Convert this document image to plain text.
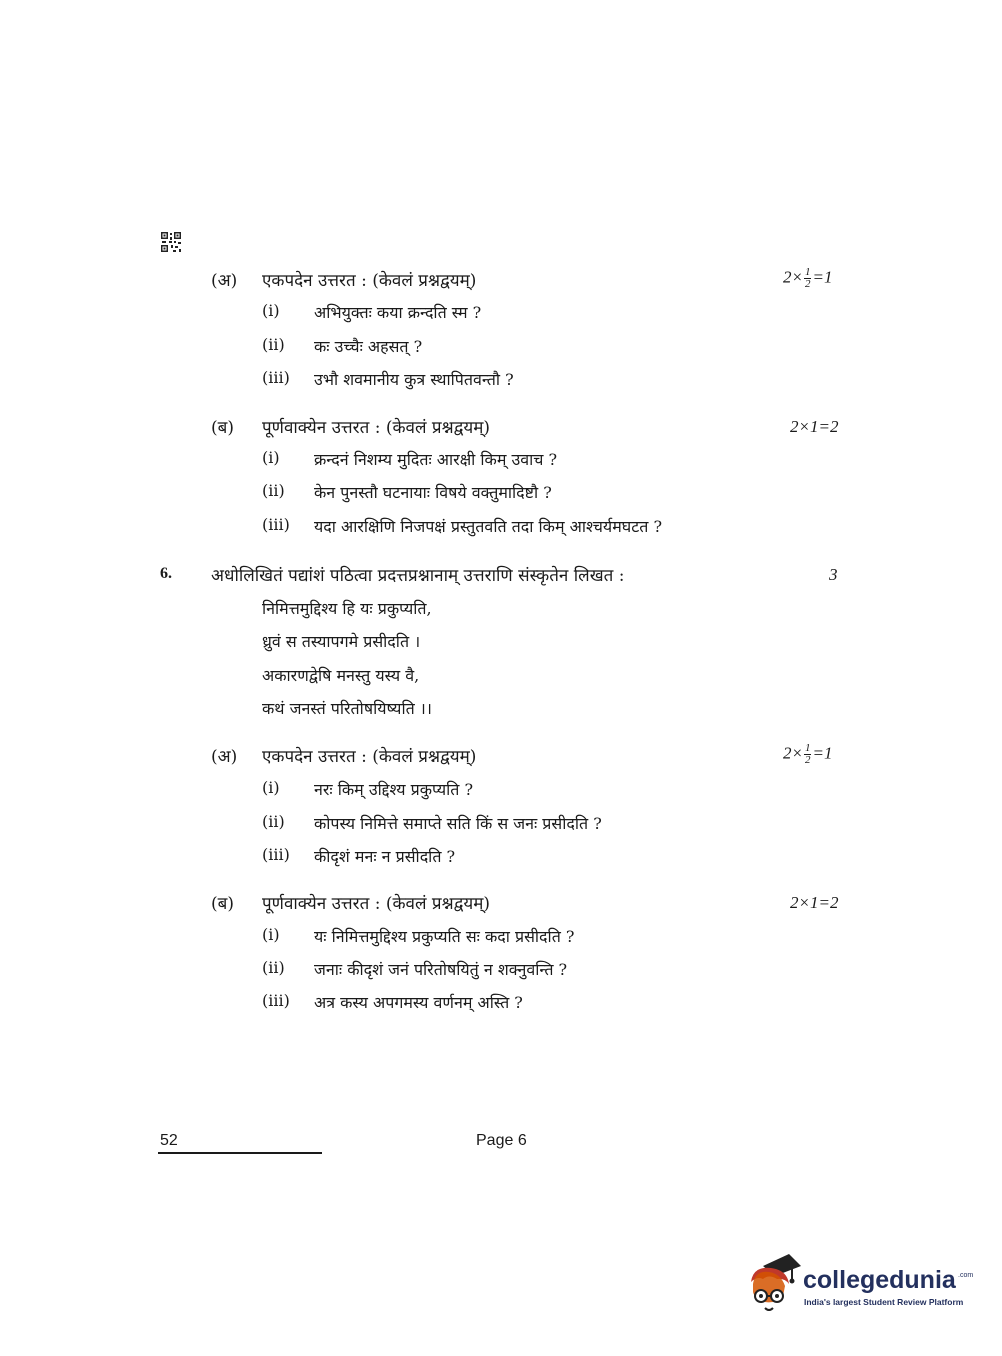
(अ) एकपदेन उत्तरत : (केवलं प्रश्नद्वयम्)	$2\times \frac{1}{2} =1$
(i) अभियुक्तः कया क्रन्दति स्म ?
(ii) कः उच्चैः अहसत् ?
(iii) उभौ शवमानीय कुत्र स्थापितवन्तौ ?
(ब) पूर्णवाक्येन उत्तरत : (केवलं प्रश्नद्वयम्)	2×1=2
(i) क्रन्दनं निशम्य मुदितः आरक्षी किम् उवाच ?
(ii) केन पुनस्तौ घटनायाः विषये वक्तुमादिष्टौ ?
(iii) यदा आरक्षिणि निजपक्षं प्रस्तुतवति तदा किम् आश्चर्यमघटत ?
6. अधोलिखितं पद्यांशं पठित्वा प्रदत्तप्रश्नानाम् उत्तराणि संस्कृतेन लिखत :	3
निमित्तमुद्दिश्य हि यः प्रकुप्यति,
ध्रुवं स तस्यापगमे प्रसीदति ।
अकारणद्वेषि मनस्तु यस्य वै,
कथं जनस्तं परितोषयिष्यति ।।
(अ) एकपदेन उत्तरत : (केवलं प्रश्नद्वयम्)	$2\times \frac{1}{2} =1$
(i) नरः किम् उद्दिश्य प्रकुप्यति ?
(ii) कोपस्य निमित्ते समाप्ते सति किं स जनः प्रसीदति ?
(iii) कीदृशं मनः न प्रसीदति ?
(ब) पूर्णवाक्येन उत्तरत : (केवलं प्रश्नद्वयम्)	2×1=2
(i) यः निमित्तमुद्दिश्य प्रकुप्यति सः कदा प्रसीदति ?
(ii) जनाः कीदृशं जनं परितोषयितुं न शक्नुवन्ति ?
(iii) अत्र कस्य अपगमस्य वर्णनम् अस्ति ?
52	Page 6
collegedunia .com
India's largest Student Review Platform
